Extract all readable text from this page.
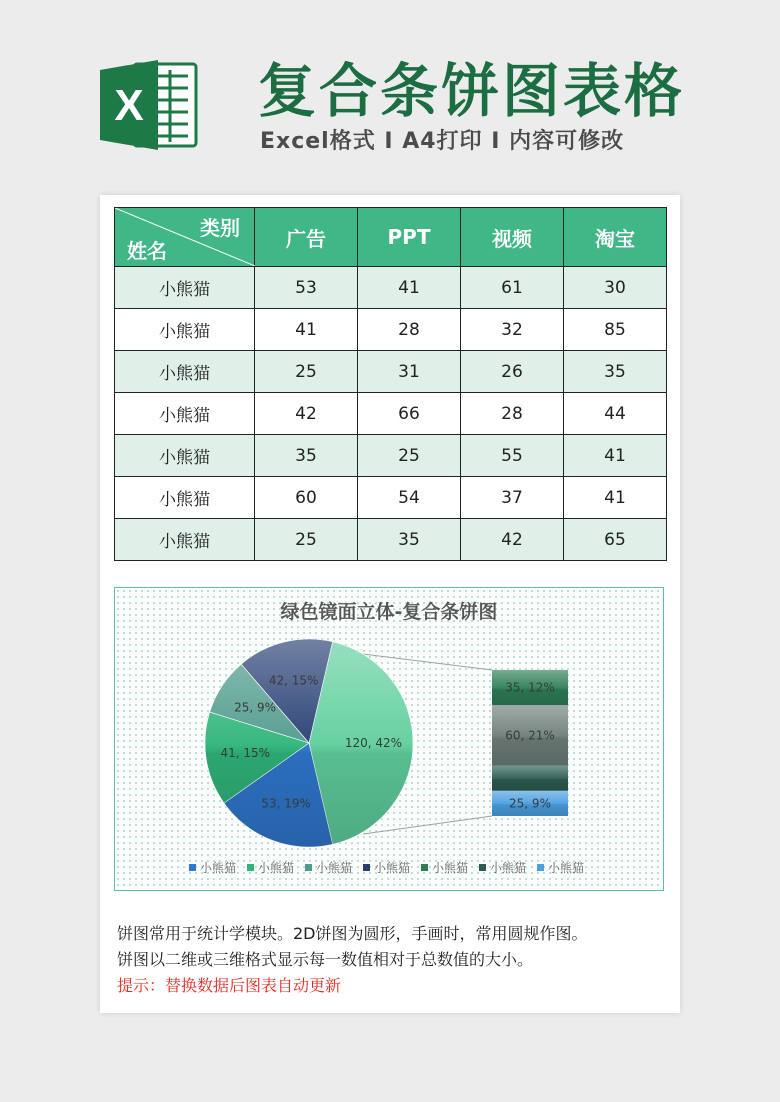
X 复合条饼图表格
Excel格式 I A4打印 I 内容可修改
类别
姓名	广告	PPT	视频	淘宝
小熊猫	53	41	61	30
小熊猫	41	28	32	85
小熊猫	25	31	26	35
小熊猫	42	66	28	44
小熊猫	35	25	55	41
小熊猫	60	54	37	41
小熊猫	25	35	42	65
绿色镜面立体-复合条饼图
120, 42%
53, 19%
41, 15%
25, 9%
42, 15%
35, 12%
60, 21%
25, 9%
小熊猫 小熊猫 小熊猫 小熊猫 小熊猫 小熊猫 小熊猫
饼图常用于统计学模块。2D饼图为圆形，手画时，常用圆规作图。
饼图以二维或三维格式显示每一数值相对于总数值的大小。
提示：替换数据后图表自动更新
